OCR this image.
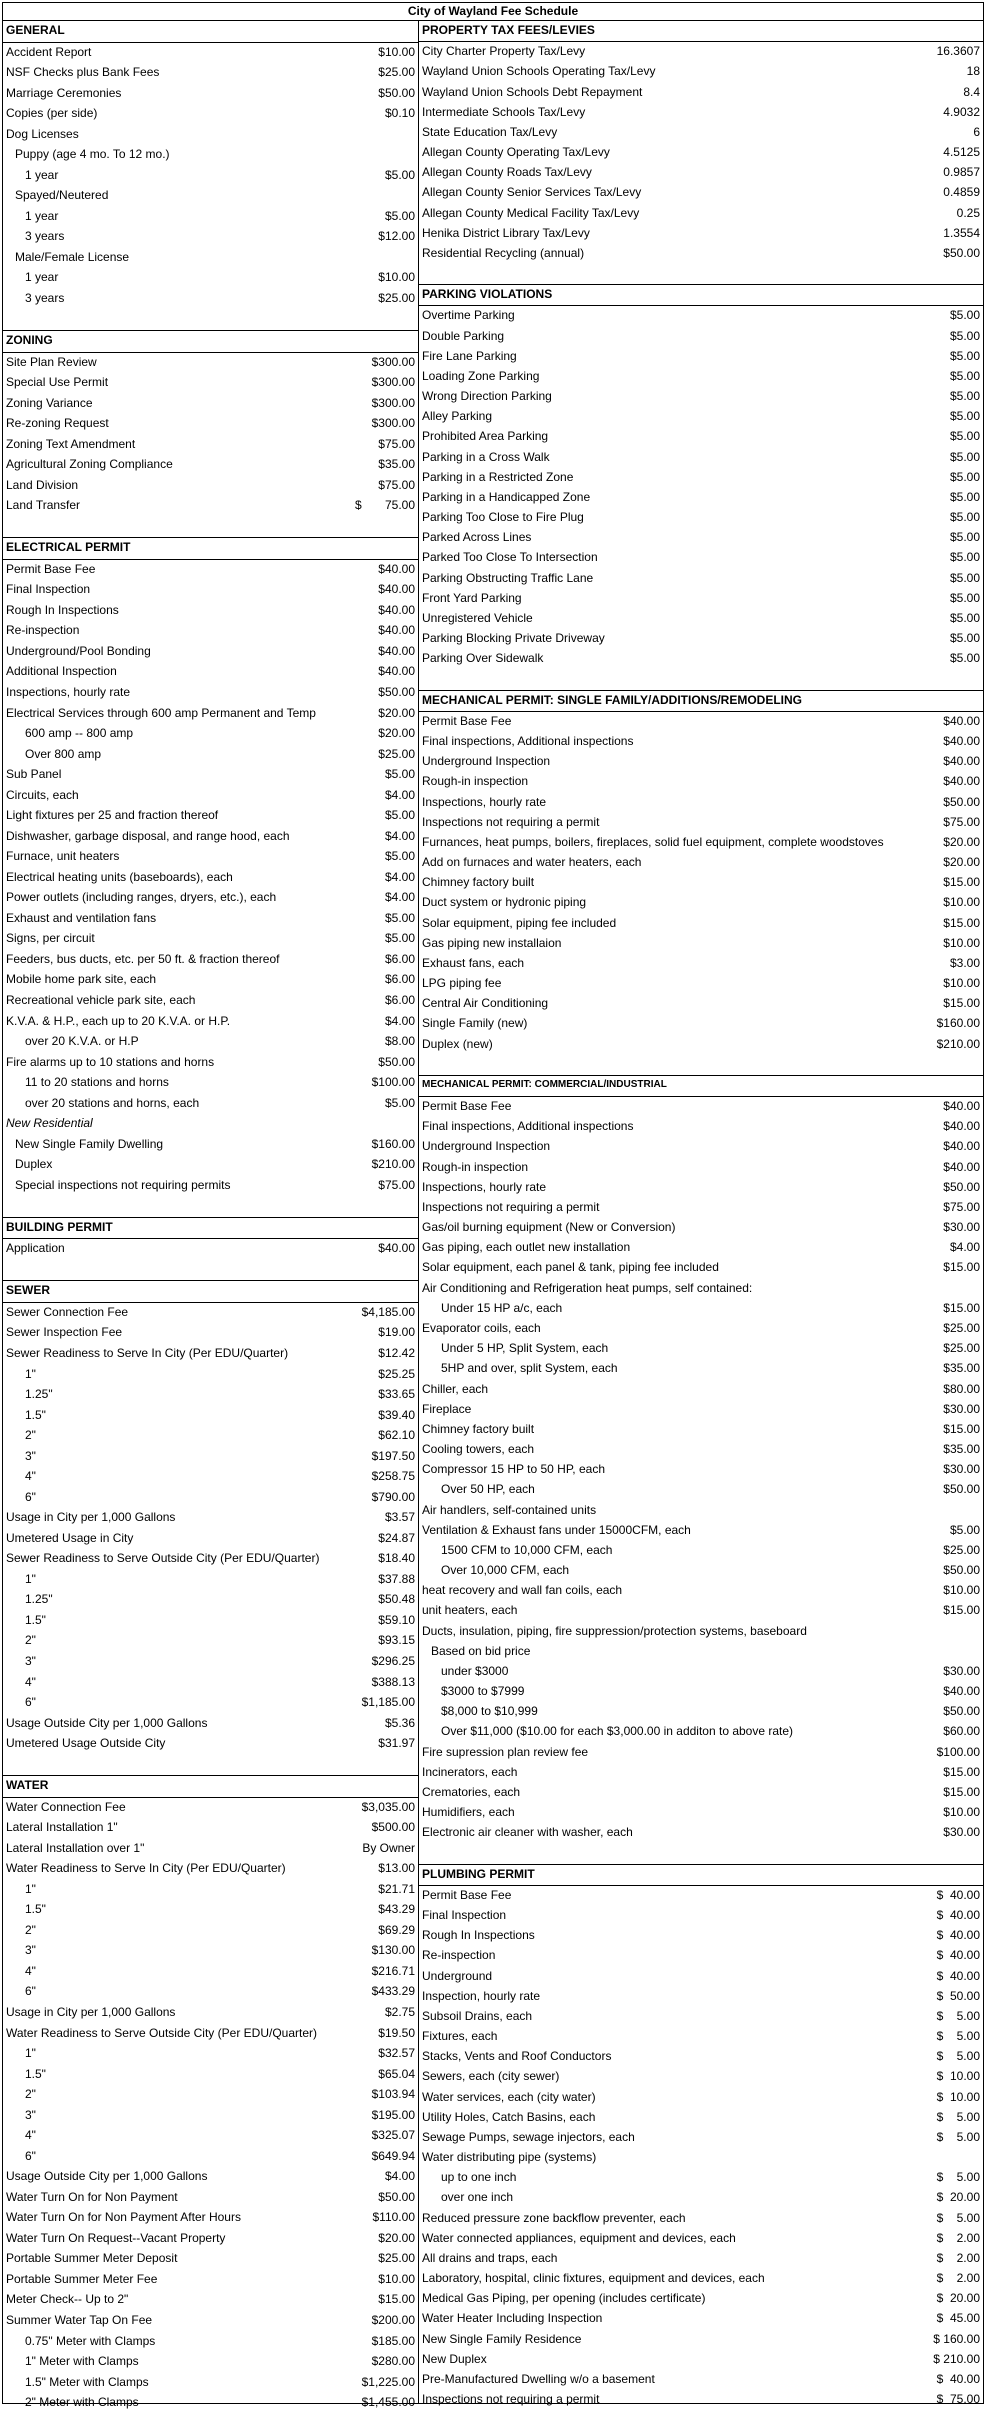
City of Wayland Fee Schedule
GENERAL
Accident Report	$10.00
NSF Checks plus Bank Fees	$25.00
Marriage Ceremonies	$50.00
Copies (per side)	$0.10
Dog Licenses
Puppy (age 4 mo. To 12 mo.)
1 year	$5.00
Spayed/Neutered
1 year	$5.00
3 years	$12.00
Male/Female License
1 year	$10.00
3 years	$25.00
ZONING
Site Plan Review	$300.00
Special Use Permit	$300.00
Zoning Variance	$300.00
Re-zoning Request	$300.00
Zoning Text Amendment	$75.00
Agricultural Zoning Compliance	$35.00
Land Division	$75.00
Land Transfer	$       75.00
ELECTRICAL PERMIT
Permit Base Fee	$40.00
Final Inspection	$40.00
Rough In Inspections	$40.00
Re-inspection	$40.00
Underground/Pool Bonding	$40.00
Additional Inspection	$40.00
Inspections, hourly rate	$50.00
Electrical Services through 600 amp Permanent and Temp	$20.00
600 amp -- 800 amp	$20.00
Over 800 amp	$25.00
Sub Panel	$5.00
Circuits, each	$4.00
Light fixtures per 25 and fraction thereof	$5.00
Dishwasher, garbage disposal, and range hood, each	$4.00
Furnace, unit heaters	$5.00
Electrical heating units (baseboards), each	$4.00
Power outlets (including ranges, dryers, etc.), each	$4.00
Exhaust and ventilation fans	$5.00
Signs, per circuit	$5.00
Feeders, bus ducts, etc. per 50 ft. & fraction thereof	$6.00
Mobile home park site, each	$6.00
Recreational vehicle park site, each	$6.00
K.V.A. & H.P., each up to 20 K.V.A. or H.P.	$4.00
over 20 K.V.A. or H.P	$8.00
Fire alarms up to 10 stations and horns	$50.00
11 to 20 stations and horns	$100.00
over 20 stations and horns, each	$5.00
New Residential
New Single Family Dwelling	$160.00
Duplex	$210.00
Special inspections not requiring permits	$75.00
BUILDING PERMIT
Application	$40.00
SEWER
Sewer Connection Fee	$4,185.00
Sewer Inspection Fee	$19.00
Sewer Readiness to Serve In City (Per EDU/Quarter)	$12.42
1"	$25.25
1.25"	$33.65
1.5"	$39.40
2"	$62.10
3"	$197.50
4"	$258.75
6"	$790.00
Usage in City per 1,000 Gallons	$3.57
Umetered Usage in City	$24.87
Sewer Readiness to Serve Outside City (Per EDU/Quarter)	$18.40
1"	$37.88
1.25"	$50.48
1.5"	$59.10
2"	$93.15
3"	$296.25
4"	$388.13
6"	$1,185.00
Usage Outside City per 1,000 Gallons	$5.36
Umetered Usage Outside City	$31.97
WATER
Water Connection Fee	$3,035.00
Lateral Installation 1"	$500.00
Lateral Installation over 1"	By Owner
Water Readiness to Serve In City (Per EDU/Quarter)	$13.00
1"	$21.71
1.5"	$43.29
2"	$69.29
3"	$130.00
4"	$216.71
6"	$433.29
Usage in City per 1,000 Gallons	$2.75
Water Readiness to Serve Outside City (Per EDU/Quarter)	$19.50
1"	$32.57
1.5"	$65.04
2"	$103.94
3"	$195.00
4"	$325.07
6"	$649.94
Usage Outside City per 1,000 Gallons	$4.00
Water Turn On for Non Payment	$50.00
Water Turn On for Non Payment After Hours	$110.00
Water Turn On Request--Vacant Property	$20.00
Portable Summer Meter Deposit	$25.00
Portable Summer Meter Fee	$10.00
Meter Check-- Up to 2"	$15.00
Summer Water Tap On Fee	$200.00
0.75" Meter with Clamps	$185.00
1" Meter with Clamps	$280.00
1.5" Meter with Clamps	$1,225.00
2" Meter with Clamps	$1,455.00
PROPERTY TAX FEES/LEVIES
City Charter Property Tax/Levy	16.3607
Wayland Union Schools Operating Tax/Levy	18
Wayland Union Schools Debt Repayment	8.4
Intermediate Schools Tax/Levy	4.9032
State Education Tax/Levy	6
Allegan County Operating Tax/Levy	4.5125
Allegan County Roads Tax/Levy	0.9857
Allegan County Senior Services Tax/Levy	0.4859
Allegan County Medical Facility Tax/Levy	0.25
Henika District Library Tax/Levy	1.3554
Residential Recycling (annual)	$50.00
PARKING VIOLATIONS
Overtime Parking	$5.00
Double Parking	$5.00
Fire Lane Parking	$5.00
Loading Zone Parking	$5.00
Wrong Direction Parking	$5.00
Alley Parking	$5.00
Prohibited Area Parking	$5.00
Parking in a Cross Walk	$5.00
Parking in a Restricted Zone	$5.00
Parking in a Handicapped Zone	$5.00
Parking Too Close to Fire Plug	$5.00
Parked Across Lines	$5.00
Parked Too Close To Intersection	$5.00
Parking Obstructing Traffic Lane	$5.00
Front Yard Parking	$5.00
Unregistered Vehicle	$5.00
Parking Blocking Private Driveway	$5.00
Parking Over Sidewalk	$5.00
MECHANICAL PERMIT: SINGLE FAMILY/ADDITIONS/REMODELING
Permit Base Fee	$40.00
Final inspections, Additional inspections	$40.00
Underground Inspection	$40.00
Rough-in inspection	$40.00
Inspections, hourly rate	$50.00
Inspections not requiring a permit	$75.00
Furnances, heat pumps, boilers, fireplaces, solid fuel equipment, complete woodstoves	$20.00
Add on furnaces and water heaters, each	$20.00
Chimney factory built	$15.00
Duct system or hydronic piping	$10.00
Solar equipment, piping fee included	$15.00
Gas piping new installaion	$10.00
Exhaust fans, each	$3.00
LPG piping fee	$10.00
Central Air Conditioning	$15.00
Single Family (new)	$160.00
Duplex (new)	$210.00
MECHANICAL PERMIT: COMMERCIAL/INDUSTRIAL
Permit Base Fee	$40.00
Final inspections, Additional inspections	$40.00
Underground Inspection	$40.00
Rough-in inspection	$40.00
Inspections, hourly rate	$50.00
Inspections not requiring a permit	$75.00
Gas/oil burning equipment (New or Conversion)	$30.00
Gas piping, each outlet new installation	$4.00
Solar equipment, each panel & tank, piping fee included	$15.00
Air Conditioning and Refrigeration heat pumps, self contained:
Under 15 HP a/c, each	$15.00
Evaporator coils, each	$25.00
Under 5 HP, Split System, each	$25.00
5HP and over, split System, each	$35.00
Chiller, each	$80.00
Fireplace	$30.00
Chimney factory built	$15.00
Cooling towers, each	$35.00
Compressor 15 HP to 50 HP, each	$30.00
Over 50 HP, each	$50.00
Air handlers, self-contained units
Ventilation & Exhaust fans under 15000CFM, each	$5.00
1500 CFM to 10,000 CFM, each	$25.00
Over 10,000 CFM, each	$50.00
heat recovery and wall fan coils, each	$10.00
unit heaters, each	$15.00
Ducts, insulation, piping, fire suppression/protection systems, baseboard
Based on bid price
under $3000	$30.00
$3000 to $7999	$40.00
$8,000 to $10,999	$50.00
Over $11,000 ($10.00 for each $3,000.00 in additon to above rate)	$60.00
Fire supression plan review fee	$100.00
Incinerators, each	$15.00
Crematories, each	$15.00
Humidifiers, each	$10.00
Electronic air cleaner with washer, each	$30.00
PLUMBING PERMIT
Permit Base Fee	$  40.00
Final Inspection	$  40.00
Rough In Inspections	$  40.00
Re-inspection	$  40.00
Underground	$  40.00
Inspection, hourly rate	$  50.00
Subsoil Drains, each	$    5.00
Fixtures, each	$    5.00
Stacks, Vents and Roof Conductors	$    5.00
Sewers, each (city sewer)	$  10.00
Water services, each (city water)	$  10.00
Utility Holes, Catch Basins, each	$    5.00
Sewage Pumps, sewage injectors, each	$    5.00
Water distributing pipe (systems)
up to one inch	$    5.00
over one inch	$  20.00
Reduced pressure zone backflow preventer, each	$    5.00
Water connected appliances, equipment and devices, each	$    2.00
All drains and traps, each	$    2.00
Laboratory, hospital, clinic fixtures, equipment and devices, each	$    2.00
Medical Gas Piping, per opening (includes certificate)	$  20.00
Water Heater Including Inspection	$  45.00
New Single Family Residence	$ 160.00
New Duplex	$ 210.00
Pre-Manufactured Dwelling w/o a basement	$  40.00
Inspections not requiring a permit	$  75.00
